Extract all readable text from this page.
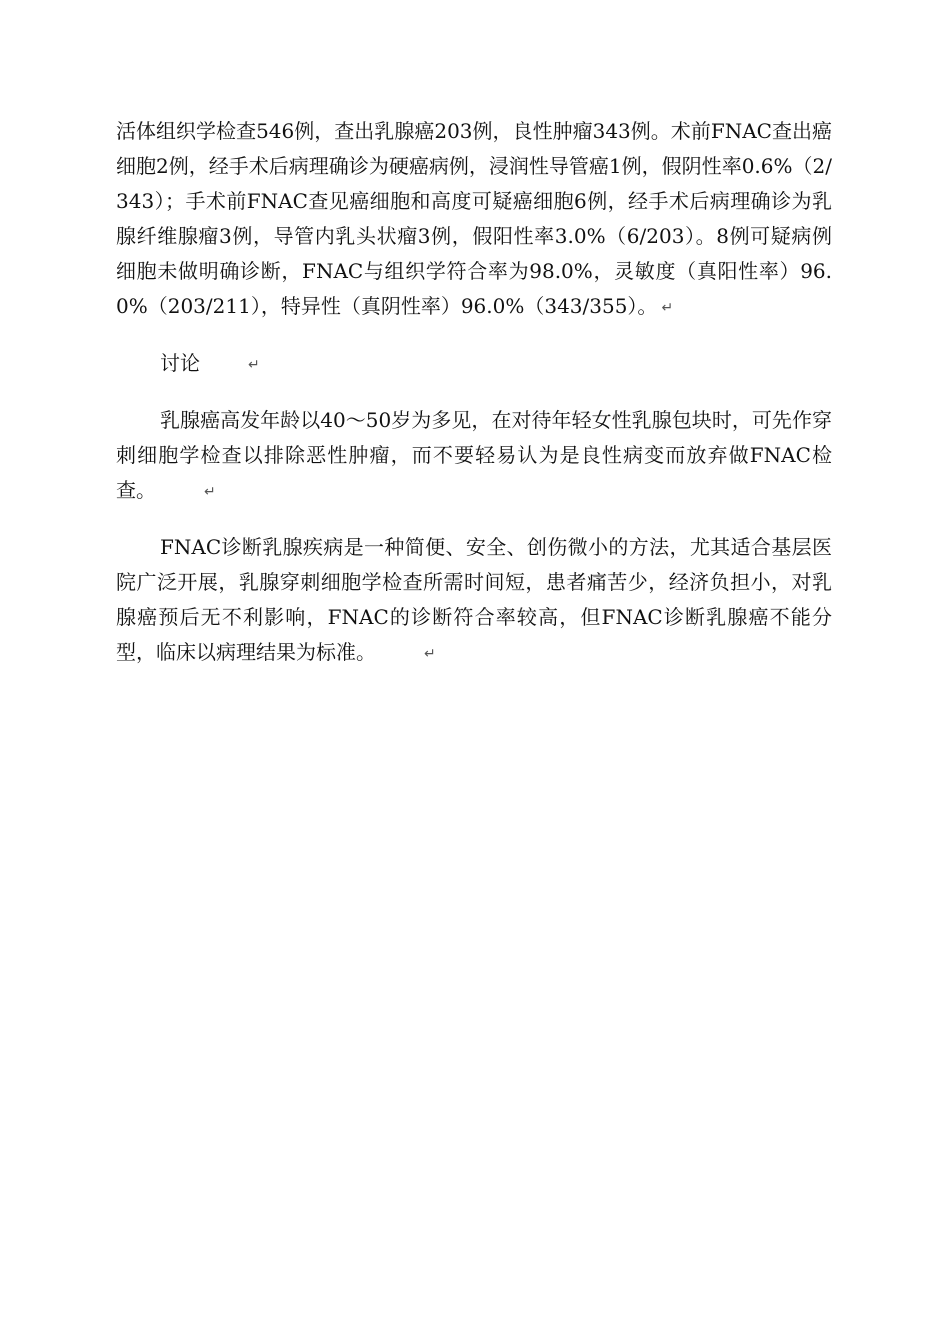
活体组织学检查546例，查出乳腺癌203例，良性肿瘤343例。术前FNAC查出癌细胞2例，经手术后病理确诊为硬癌病例，浸润性导管癌1例，假阴性率0.6%（2/343）；手术前FNAC查见癌细胞和高度可疑癌细胞6例，经手术后病理确诊为乳腺纤维腺瘤3例，导管内乳头状瘤3例，假阳性率3.0%（6/203）。8例可疑病例细胞未做明确诊断，FNAC与组织学符合率为98.0%，灵敏度（真阳性率）96.0%（203/211），特异性（真阴性率）96.0%（343/355）。 ↵

讨论	↵

乳腺癌高发年龄以40～50岁为多见，在对待年轻女性乳腺包块时，可先作穿刺细胞学检查以排除恶性肿瘤，而不要轻易认为是良性病变而放弃做FNAC检查。	↵

FNAC诊断乳腺疾病是一种简便、安全、创伤微小的方法，尤其适合基层医院广泛开展，乳腺穿刺细胞学检查所需时间短，患者痛苦少，经济负担小，对乳腺癌预后无不利影响，FNAC的诊断符合率较高，但FNAC诊断乳腺癌不能分型，临床以病理结果为标准。	↵
